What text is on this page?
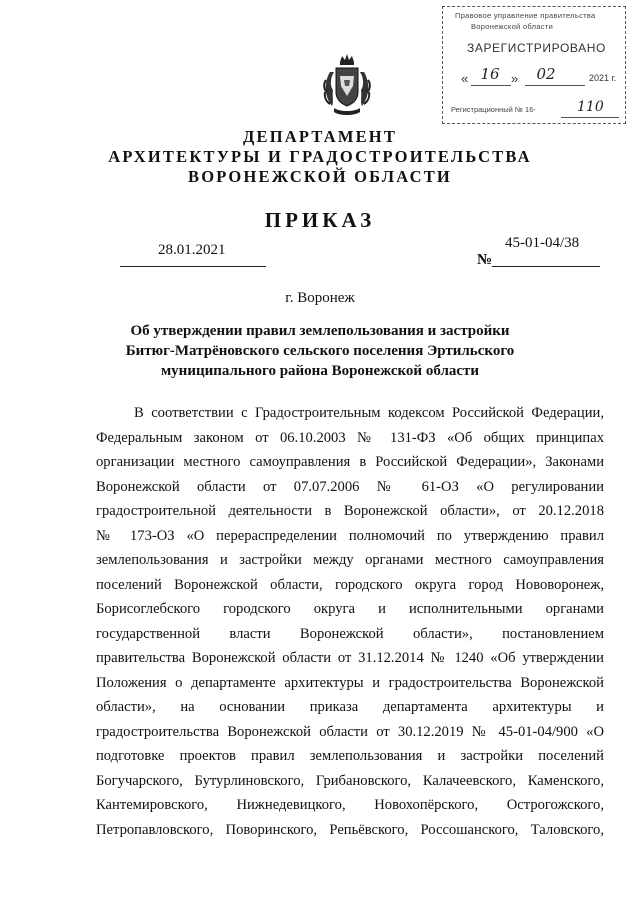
Правовое управление правительства
Воронежской области
ЗАРЕГИСТРИРОВАНО
« 16 »	02	2021 г.
Регистрационный № 16-	110
ДЕПАРТАМЕНТ
АРХИТЕКТУРЫ И ГРАДОСТРОИТЕЛЬСТВА
ВОРОНЕЖСКОЙ ОБЛАСТИ
ПРИКАЗ
28.01.2021
№
45-01-04/38
г. Воронеж
Об утверждении правил землепользования и застройки
Битюг-Матрёновского сельского поселения Эртильского
муниципального района Воронежской области
В соответствии с Градостроительным кодексом Российской Федерации,
Федеральным законом от 06.10.2003 № 131-ФЗ «Об общих принципах
организации местного самоуправления в Российской Федерации», Законами
Воронежской области от 07.07.2006 № 61-ОЗ «О регулировании
градостроительной деятельности в Воронежской области», от 20.12.2018
№ 173-ОЗ «О перераспределении полномочий по утверждению правил
землепользования и застройки между органами местного самоуправления
поселений Воронежской области, городского округа город Нововоронеж,
Борисоглебского городского округа и исполнительными органами
государственной власти Воронежской области», постановлением
правительства Воронежской области от 31.12.2014 № 1240 «Об утверждении
Положения о департаменте архитектуры и градостроительства Воронежской
области», на основании приказа департамента архитектуры и
градостроительства Воронежской области от 30.12.2019 № 45-01-04/900 «О
подготовке проектов правил землепользования и застройки поселений
Богучарского, Бутурлиновского, Грибановского, Калачеевского, Каменского,
Кантемировского, Нижнедевицкого, Новохопёрского, Острогожского,
Петропавловского, Поворинского, Репьёвского, Россошанского, Таловского,
